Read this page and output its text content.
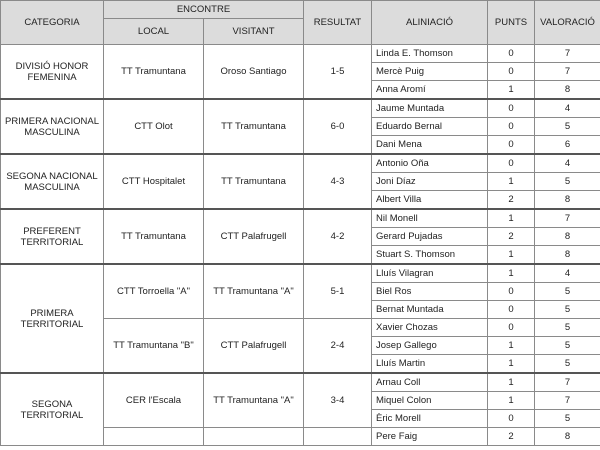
CATEGORIA	ENCONTRE		RESULTAT	ALINIACIÓ	PUNTS	VALORACIÓ
	LOCAL	VISITANT				
DIVISIÓ HONOR FEMENINA	TT Tramuntana	Oroso Santiago	1-5	Linda E. Thomson	0	7
				Mercè Puig	0	7
				Anna Aromí	1	8
PRIMERA NACIONAL MASCULINA	CTT Olot	TT Tramuntana	6-0	Jaume Muntada	0	4
				Eduardo Bernal	0	5
				Dani Mena	0	6
SEGONA NACIONAL MASCULINA	CTT Hospitalet	TT Tramuntana	4-3	Antonio Oña	0	4
				Joni Díaz	1	5
				Albert Villa	2	8
PREFERENT TERRITORIAL	TT Tramuntana	CTT Palafrugell	4-2	Nil Monell	1	7
				Gerard Pujadas	2	8
				Stuart S. Thomson	1	8
PRIMERA TERRITORIAL	CTT Torroella "A"	TT Tramuntana "A"	5-1	Lluís Vilagran	1	4
				Biel Ros	0	5
				Bernat Muntada	0	5
	TT Tramuntana "B"	CTT Palafrugell	2-4	Xavier Chozas	0	5
				Josep Gallego	1	5
				Lluís Martin	1	5
SEGONA TERRITORIAL	CER l'Escala	TT Tramuntana "A"	3-4	Arnau Coll	1	7
				Miquel Colon	1	7
				Èric Morell	0	5
				Pere Faig	2	8
